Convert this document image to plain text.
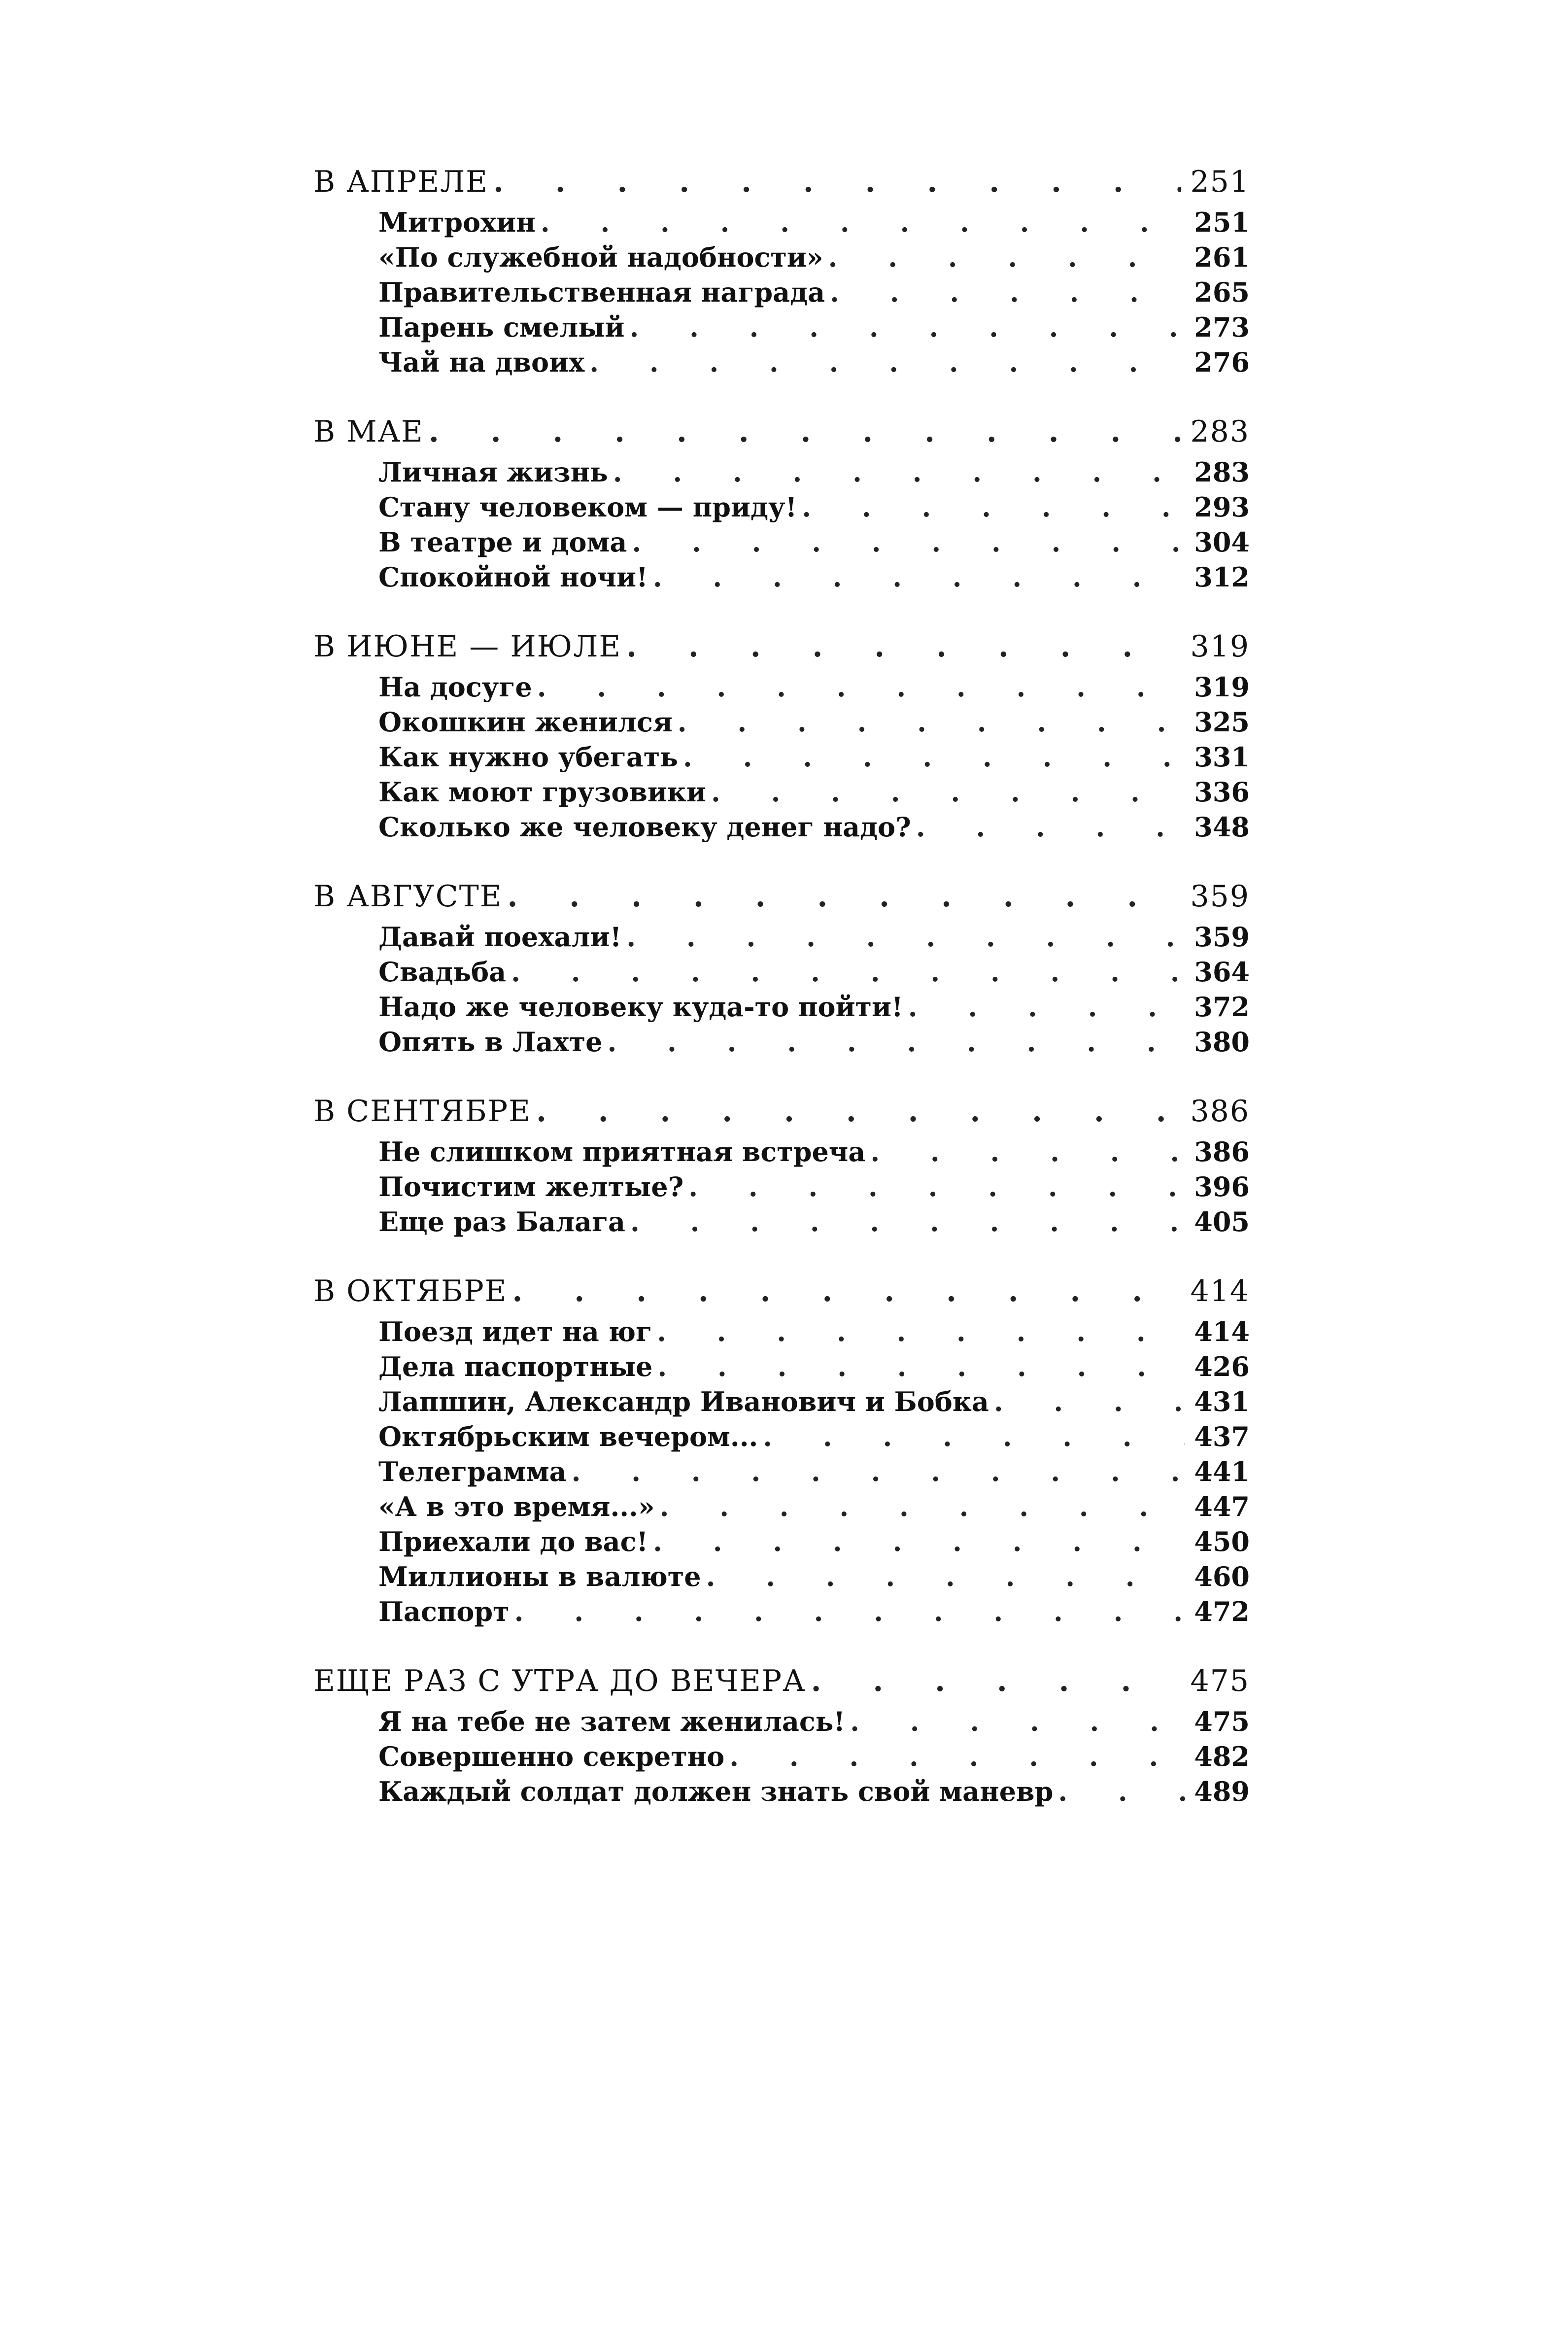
В АПРЕЛЕ . . .	251
Митрохин . . .	251
«По служебной надобности» . . .	261
Правительственная награда . . .	265
Парень смелый . . .	273
Чай на двоих . . .	276
В МАЕ . . .	283
Личная жизнь . . .	283
Стану человеком — приду! . . .	293
В театре и дома . . .	304
Спокойной ночи! . . .	312
В ИЮНЕ — ИЮЛЕ . . .	319
На досуге . . .	319
Окошкин женился . . .	325
Как нужно убегать . . .	331
Как моют грузовики . . .	336
Сколько же человеку денег надо? . . .	348
В АВГУСТЕ . . .	359
Давай поехали! . . .	359
Свадьба . . .	364
Надо же человеку куда-то пойти! . . .	372
Опять в Лахте . . .	380
В СЕНТЯБРЕ . . .	386
Не слишком приятная встреча . . .	386
Почистим желтые? . . .	396
Еще раз Балага . . .	405
В ОКТЯБРЕ . . .	414
Поезд идет на юг . . .	414
Дела паспортные . . .	426
Лапшин, Александр Иванович и Бобка . . .	431
Октябрьским вечером... . . .	437
Телеграмма . . .	441
«А в это время...» . . .	447
Приехали до вас! . . .	450
Миллионы в валюте . . .	460
Паспорт . . .	472
ЕЩЕ РАЗ С УТРА ДО ВЕЧЕРА . . .	475
Я на тебе не затем женилась! . . .	475
Совершенно секретно . . .	482
Каждый солдат должен знать свой маневр . . .	489
